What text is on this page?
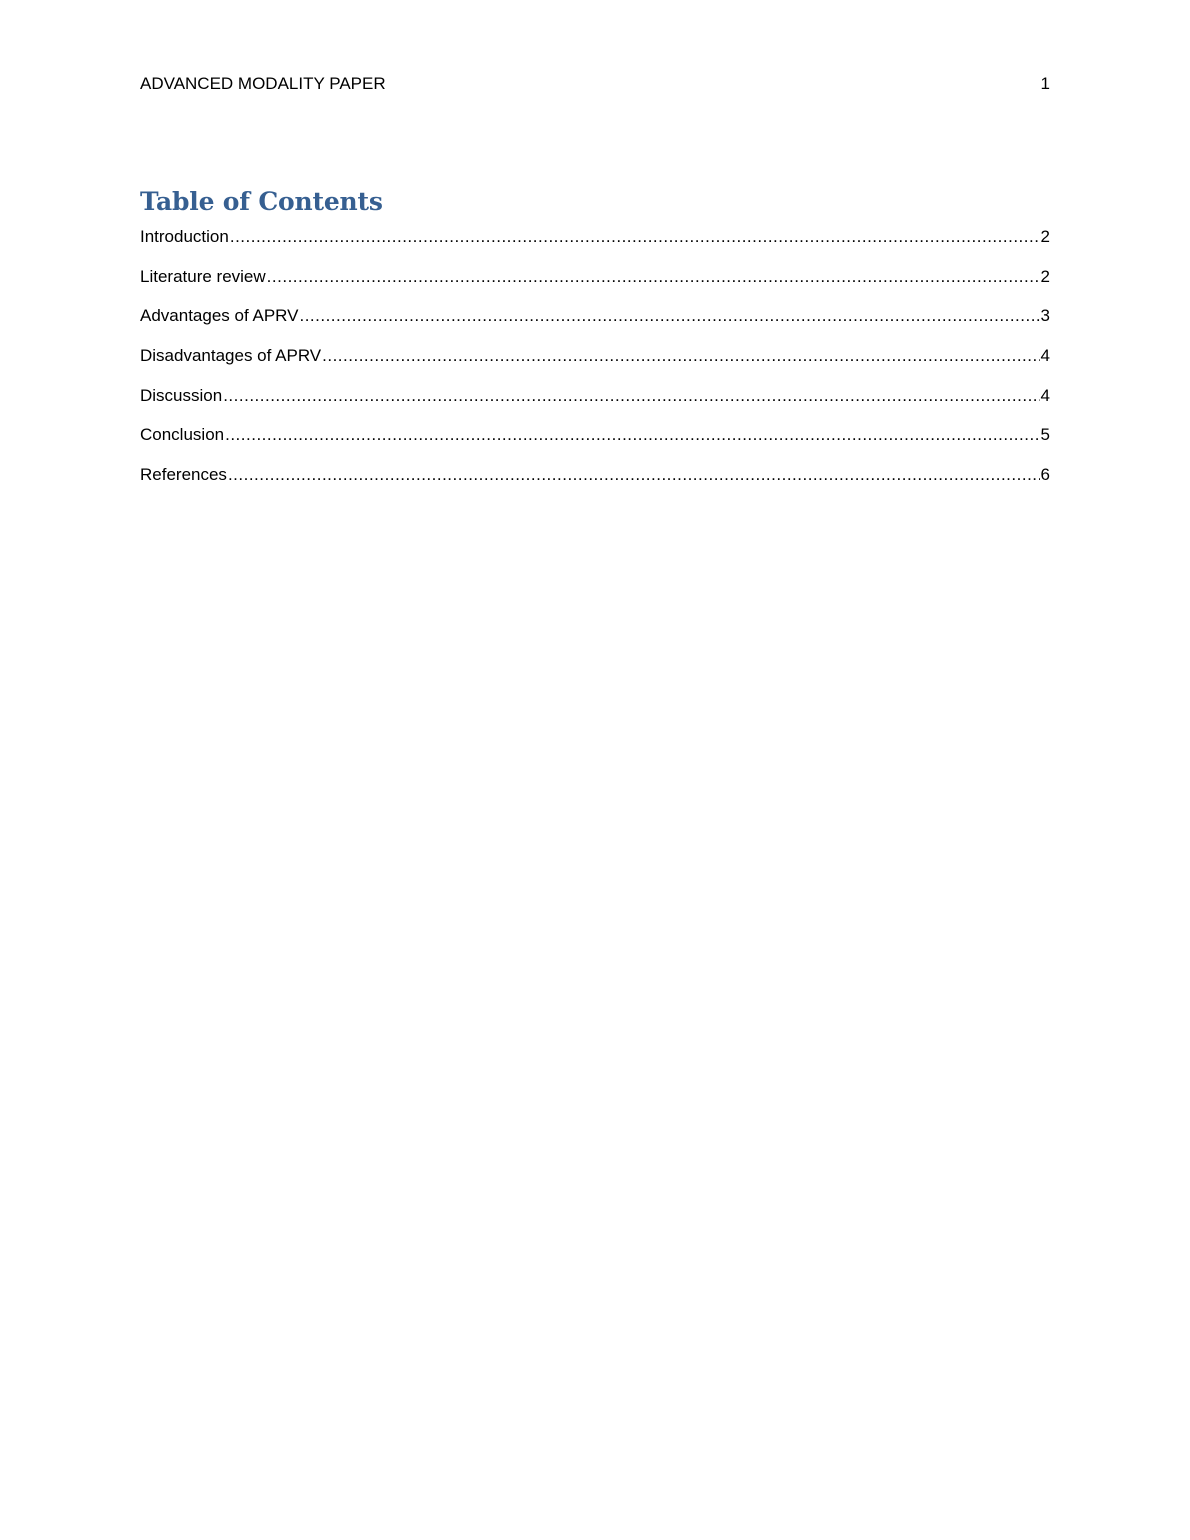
ADVANCED MODALITY PAPER	1
Table of Contents
Introduction .....	2
Literature review .....	2
Advantages of APRV .....	3
Disadvantages of APRV .....	4
Discussion .....	4
Conclusion .....	5
References .....	6
